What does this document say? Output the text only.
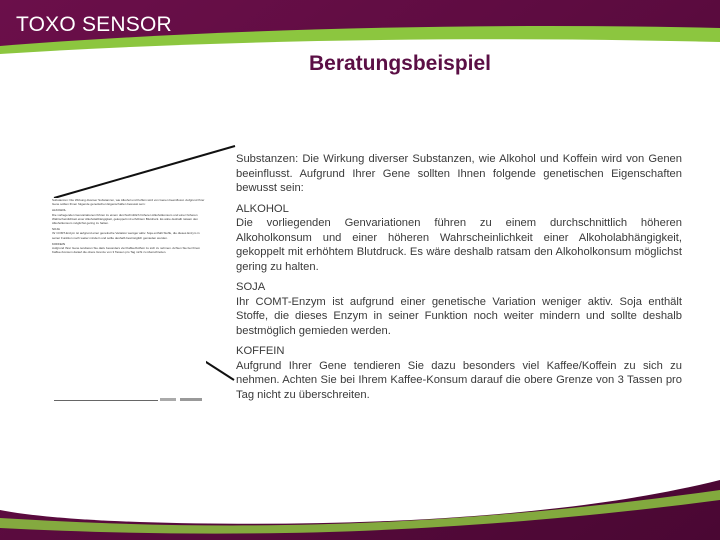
TOXO SENSOR
Beratungsbeispiel

Substanzen: Die Wirkung diverser Substanzen, wie Alkohol und Koffein wird von Genen beeinflusst. Aufgrund Ihrer Gene sollten Ihnen folgende genetischen Eigenschaften bewusst sein:

ALKOHOL
Die vorliegenden Genvariationen führen zu einem durchschnittlich höheren Alkoholkonsum und einer höheren Wahrscheinlichkeit einer Alkoholabhängigkeit, gekoppelt mit erhöhtem Blutdruck. Es wäre deshalb ratsam den Alkoholkonsum möglichst gering zu halten.

SOJA
Ihr COMT-Enzym ist aufgrund einer genetische Variation weniger aktiv. Soja enthält Stoffe, die dieses Enzym in seiner Funktion noch weiter mindern und sollte deshalb bestmöglich gemieden werden.

KOFFEIN
Aufgrund Ihrer Gene tendieren Sie dazu besonders viel Kaffee/Koffein zu sich zu nehmen. Achten Sie bei Ihrem Kaffee-Konsum darauf die obere Grenze von 3 Tassen pro Tag nicht zu überschreiten.

Substanzen: Die Wirkung diverser Substanzen, wie Alkohol und Koffein wird von Genen beeinflusst. Aufgrund Ihrer Gene sollten Ihnen folgende genetischen Eigenschaften bewusst sein:

ALKOHOL
Die vorliegenden Genvariationen führen zu einem durchschnittlich höheren Alkoholkonsum und einer höheren Wahrscheinlichkeit einer Alkoholabhängigkeit, gekoppelt mit erhöhtem Blutdruck. Es wäre deshalb ratsam den Alkoholkonsum möglichst gering zu halten.

SOJA
Ihr COMT-Enzym ist aufgrund einer genetische Variation weniger aktiv. Soja enthält Stoffe, die dieses Enzym in seiner Funktion noch weiter mindern und sollte deshalb bestmöglich gemieden werden.

KOFFEIN
Aufgrund Ihrer Gene tendieren Sie dazu besonders viel Kaffee/Koffein zu sich zu nehmen. Achten Sie bei Ihrem Kaffee-Konsum darauf die obere Grenze von 3 Tassen pro Tag nicht zu überschreiten.
